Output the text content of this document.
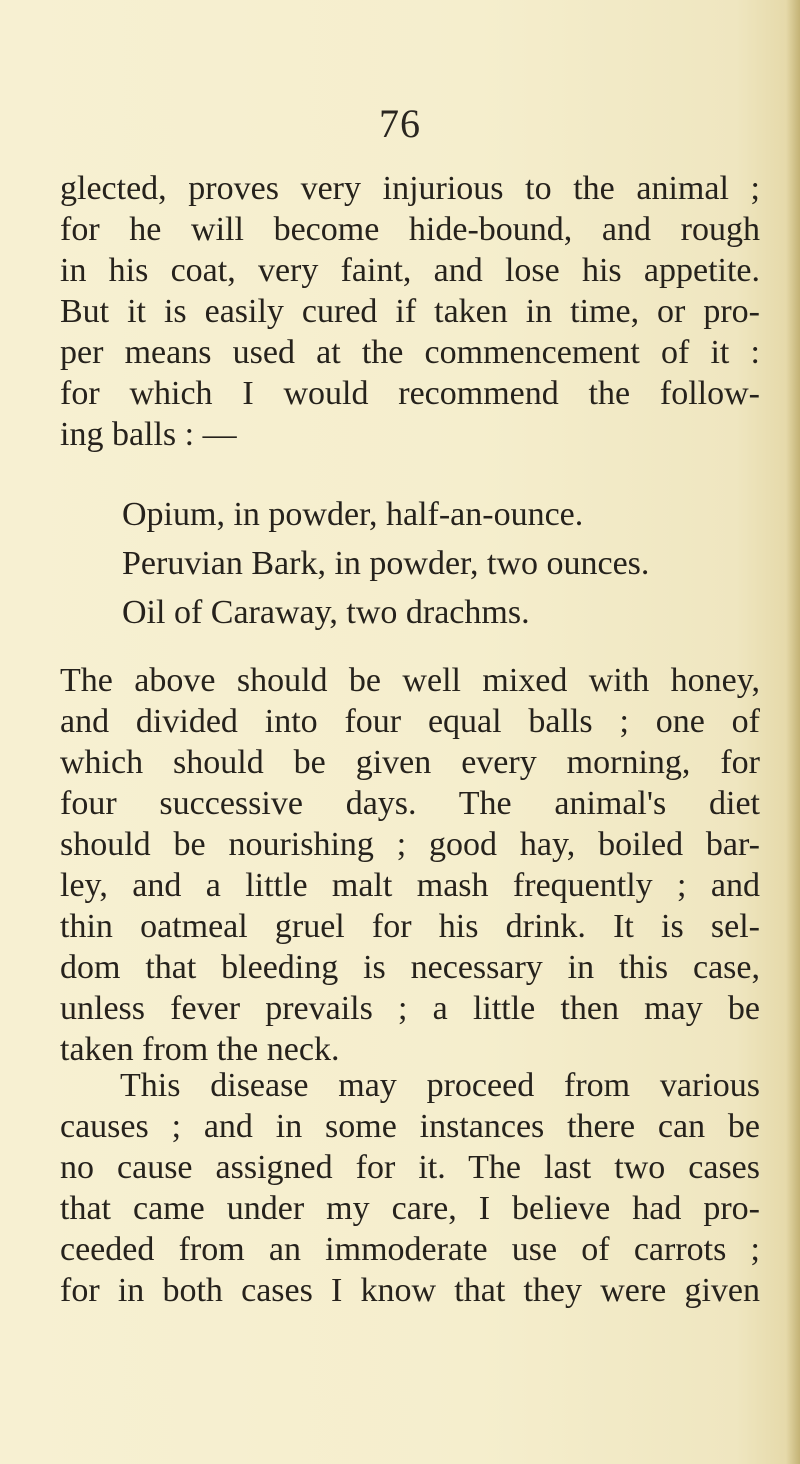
76
glected, proves very injurious to the animal ;
for he will become hide-bound, and rough
in his coat, very faint, and lose his appetite.
But it is easily cured if taken in time, or pro-
per means used at the commencement of it :
for which I would recommend the follow-
ing balls : —
Opium, in powder, half-an-ounce.
Peruvian Bark, in powder, two ounces.
Oil of Caraway, two drachms.
The above should be well mixed with honey,
and divided into four equal balls ; one of
which should be given every morning, for
four successive days. The animal's diet
should be nourishing ; good hay, boiled bar-
ley, and a little malt mash frequently ; and
thin oatmeal gruel for his drink. It is sel-
dom that bleeding is necessary in this case,
unless fever prevails ; a little then may be
taken from the neck.
This disease may proceed from various
causes ; and in some instances there can be
no cause assigned for it. The last two cases
that came under my care, I believe had pro-
ceeded from an immoderate use of carrots ;
for in both cases I know that they were given
